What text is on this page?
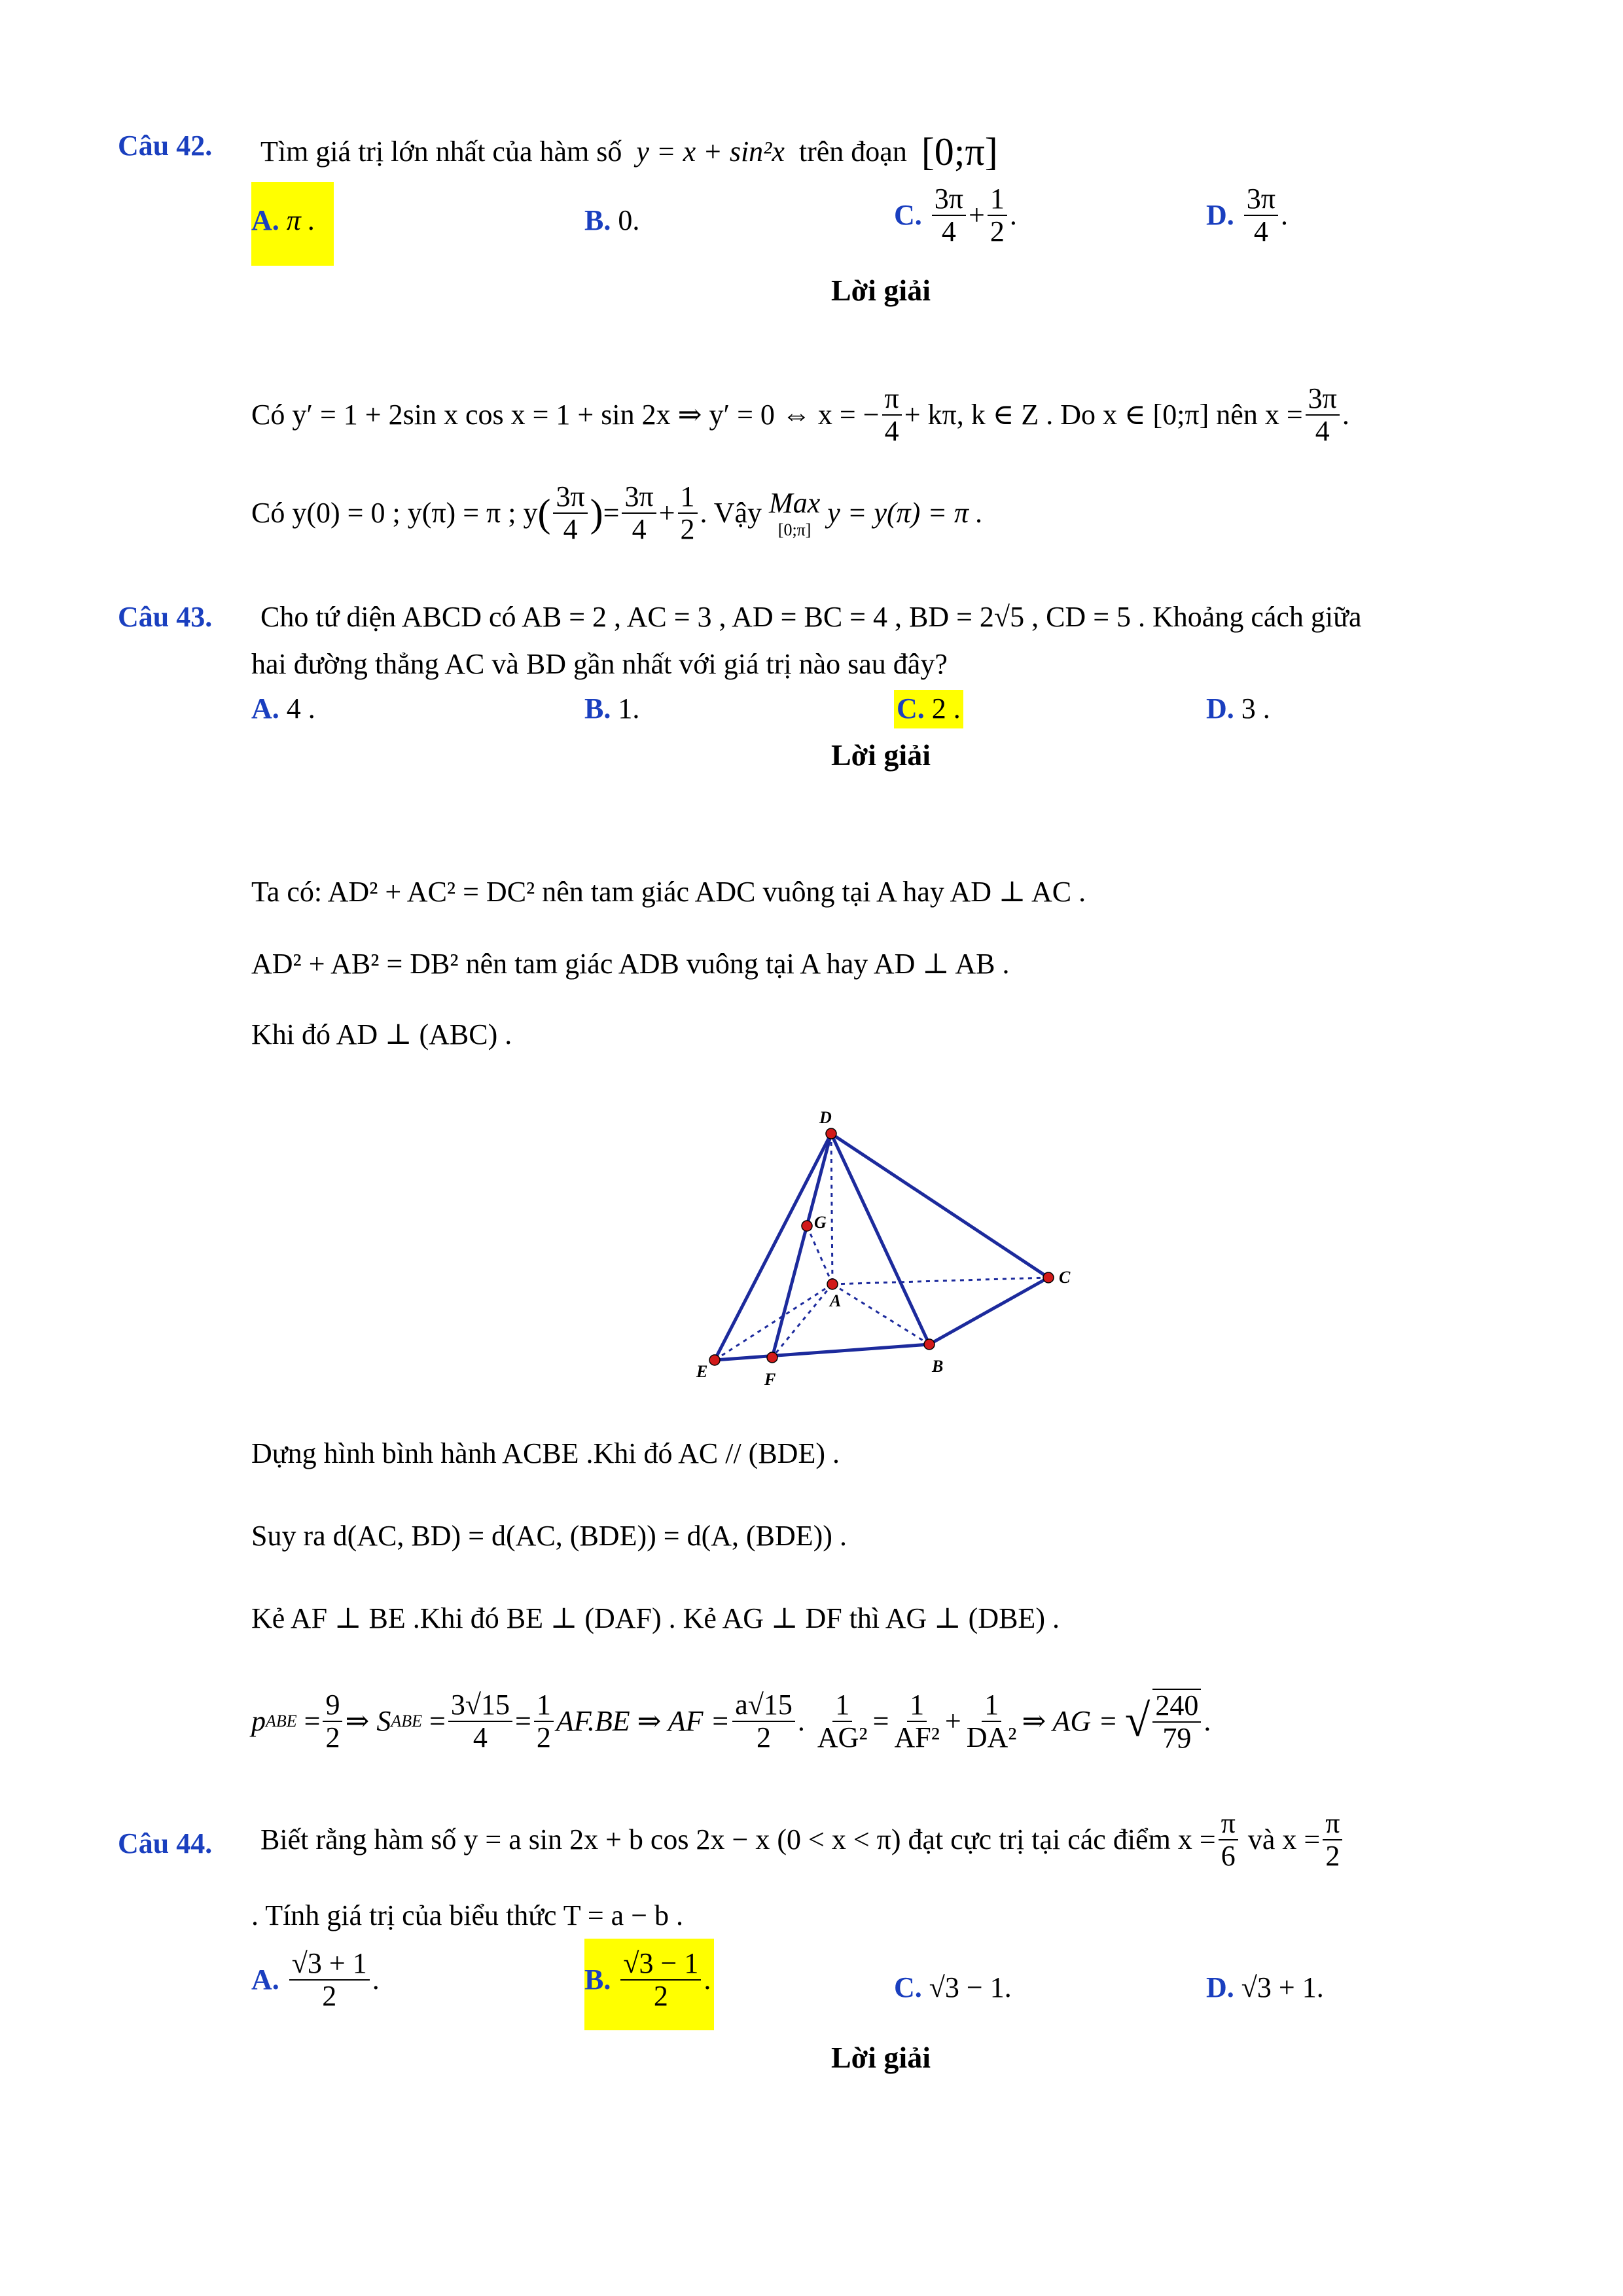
Câu 42. Tìm giá trị lớn nhất của hàm số y = x + sin²x trên đoạn [0;π]
A. π .	B. 0.	C.
$\frac{3\pi}{4} + \frac{1}{2}$ .	D.
$\frac{3\pi}{4}$ .
Lời giải
Có y′ = 1 + 2sin x cos x = 1 + sin 2x ⇒ y′ = 0 ⇔ x = − $\frac{\pi}{4} + k\pi$, k ∈ Z . Do x ∈ [0;π] nên $x = \frac{3\pi}{4}$ .
Có y(0) = 0 ; y(π) = π ; y ( $\frac{3\pi}{4}$ ) = $\frac{3\pi}{4} + \frac{1}{2}$ . Vậy
Max
[0;π]

y = y(π) = π .
Câu 43. Cho tứ diện ABCD có AB = 2 , AC = 3 , AD = BC = 4 , BD = 2√5 , CD = 5 . Khoảng cách giữa
hai đường thẳng AC và BD gần nhất với giá trị nào sau đây?
A. 4 .	B. 1.	C. 2 .	D. 3 .
Lời giải
Ta có: AD² + AC² = DC² nên tam giác ADC vuông tại A hay AD ⊥ AC .
AD² + AB² = DB² nên tam giác ADB vuông tại A hay AD ⊥ AB .
Khi đó AD ⊥ (ABC) .
D
G
A
C
E	F
B
Dựng hình bình hành ACBE .Khi đó AC // (BDE) .
Suy ra d(AC, BD) = d(AC, (BDE)) = d(A, (BDE)) .
Kẻ AF ⊥ BE .Khi đó BE ⊥ (DAF) . Kẻ AG ⊥ DF thì AG ⊥ (DBE) .
p ABE
= $\frac{9}{2}$ ⇒ S ABE = $\frac{3√15}{4} = \frac{1}{2} AF.BE$ ⇒ AF = $\frac{a√15}{2}$ .
$\frac{1}{\text{AG²}} = \frac{1}{\text{AF²}} + \frac{1}{\text{DA²}}$ ⇒ AG =
√ $\frac{240}{79}$ .
Câu 44. Biết rằng hàm số y = a sin 2x + b cos 2x − x (0 < x < π) đạt cực trị tại các điểm $x = \frac{\pi}{6}$
và $x = \frac{\pi}{2}$
. Tính giá trị của biểu thức T = a − b .
A.
$\frac{√3 + 1}{2}$ .	B.
$\frac{√3 - 1}{2}$ .	C. √3 − 1.	D. √3 + 1.
Lời giải
